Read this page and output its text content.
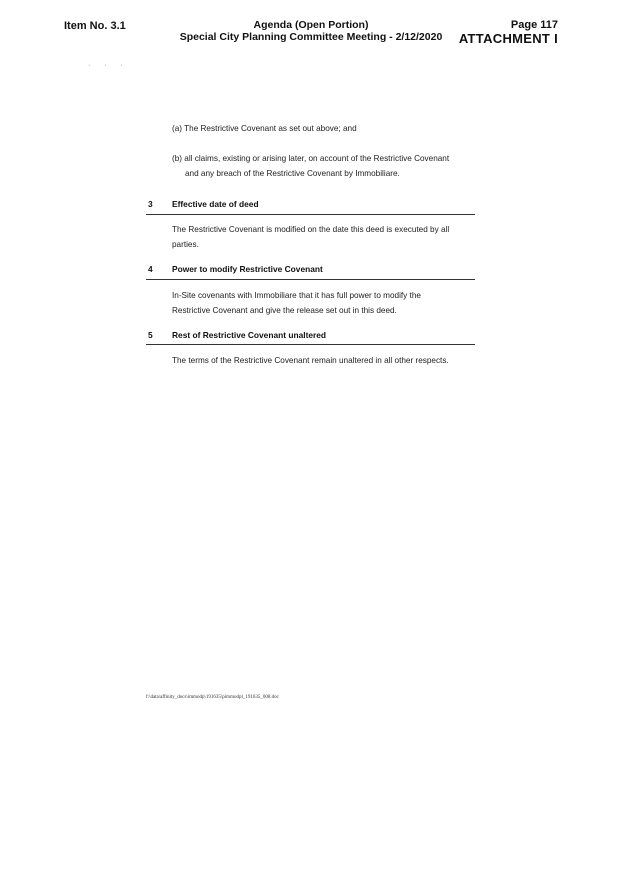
Item No. 3.1	Agenda (Open Portion)
Special City Planning Committee Meeting - 2/12/2020
Page 117
ATTACHMENT I
· · ·
(a) The Restrictive Covenant as set out above; and
(b) all claims, existing or arising later, on account of the Restrictive Covenant
and any breach of the Restrictive Covenant by Immobiliare.
3 Effective date of deed
The Restrictive Covenant is modified on the date this deed is executed by all
parties.
4 Power to modify Restrictive Covenant
In-Site covenants with Immobiliare that it has full power to modify the
Restrictive Covenant and give the release set out in this deed.
5 Rest of Restrictive Covenant unaltered
The terms of the Restrictive Covenant remain unaltered in all other respects.
f:\data\affinity_docs\immodp\191635\pimmodpl_191635_008.doc
